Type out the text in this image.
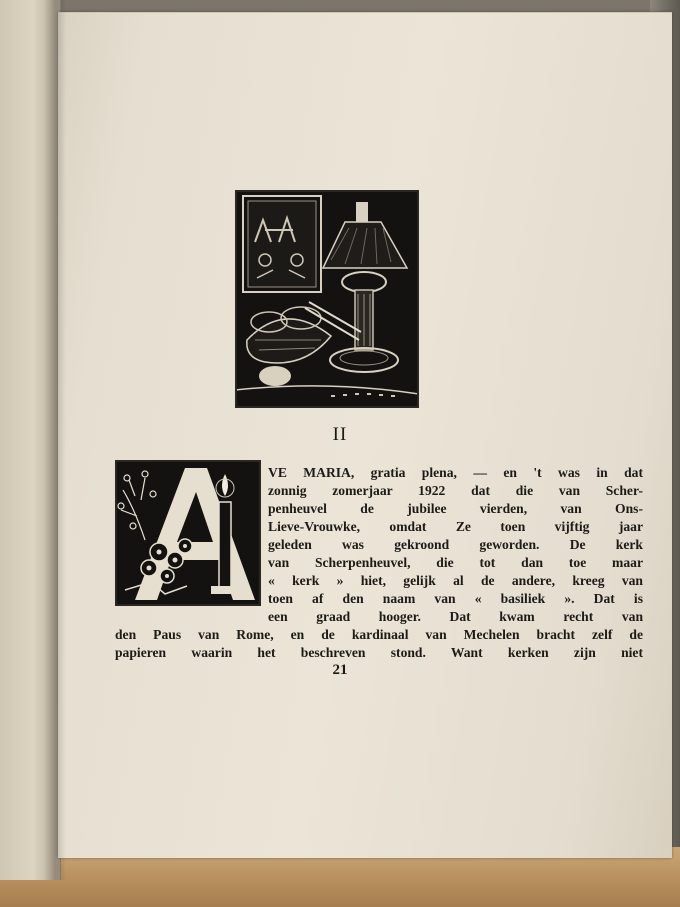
II

VE MARIA, gratia plena, — en 't was in dat

zonnig zomerjaar 1922 dat die van Scher-

penheuvel de jubilee vierden, van Ons-

Lieve-Vrouwke, omdat Ze toen vijftig jaar

geleden was gekroond geworden. De kerk

van Scherpenheuvel, die tot dan toe maar

« kerk » hiet, gelijk al de andere, kreeg van

toen af den naam van « basiliek ». Dat is

een graad hooger. Dat kwam recht van

den Paus van Rome, en de kardinaal van Mechelen bracht zelf de

papieren waarin het beschreven stond. Want kerken zijn niet

21
